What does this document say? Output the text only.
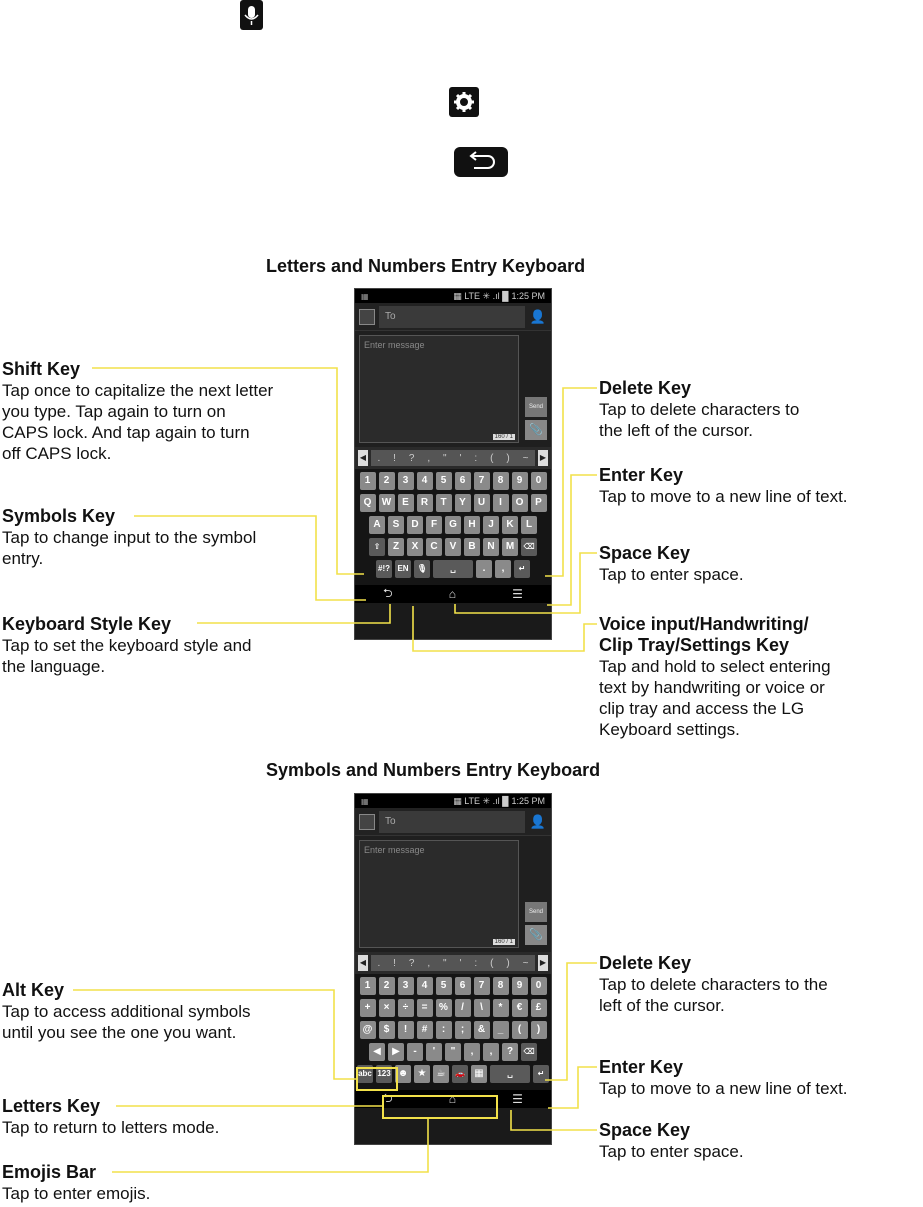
Letters and Numbers Entry Keyboard
▦	▦ LTE ✳ .ıl █ 1:25 PM
To	👤
Enter message
160 / 1
Send
📎
◀ . ! ? , " ' : ( ) ~ ▶
1	2	3	4	5	6	7	8	9	0
Q	W	E	R	T	Y	U	I	O	P
A	S	D	F	G	H	J	K	L
⇧	Z	X	C	V	B	N	M	⌫
#!? EN	🎙	␣	.	,	↵
⮌	⌂	☰
Shift Key
Tap once to capitalize the next letter
you type. Tap again to turn on
CAPS lock. And tap again to turn
off CAPS lock.
Symbols Key
Tap to change input to the symbol
entry.
Keyboard Style Key
Tap to set the keyboard style and
the language.
Delete Key
Tap to delete characters to
the left of the cursor.
Enter Key
Tap to move to a new line of text.
Space Key
Tap to enter space.
Voice input/Handwriting/
Clip Tray/Settings Key
Tap and hold to select entering
text by handwriting or voice or
clip tray and access the LG
Keyboard settings.
Symbols and Numbers Entry Keyboard
▦	▦ LTE ✳ .ıl █ 1:25 PM
To	👤
Enter message
160 / 1
Send
📎
◀ . ! ? , " ' : ( ) ~ ▶
1	2	3	4	5	6	7	8	9	0
+	×	÷	=	%	/	\	*	€	£
@	$	!	#	:	;	&	_	(	)
◀	▶	-	'	"	,	,	?	⌫
abc 123 ☻ ★	☕	🚗 ▦	␣	↵
⮌	⌂	☰
Alt Key
Tap to access additional symbols
until you see the one you want.
Letters Key
Tap to return to letters mode.
Emojis Bar
Tap to enter emojis.
Delete Key
Tap to delete characters to the
left of the cursor.
Enter Key
Tap to move to a new line of text.
Space Key
Tap to enter space.
